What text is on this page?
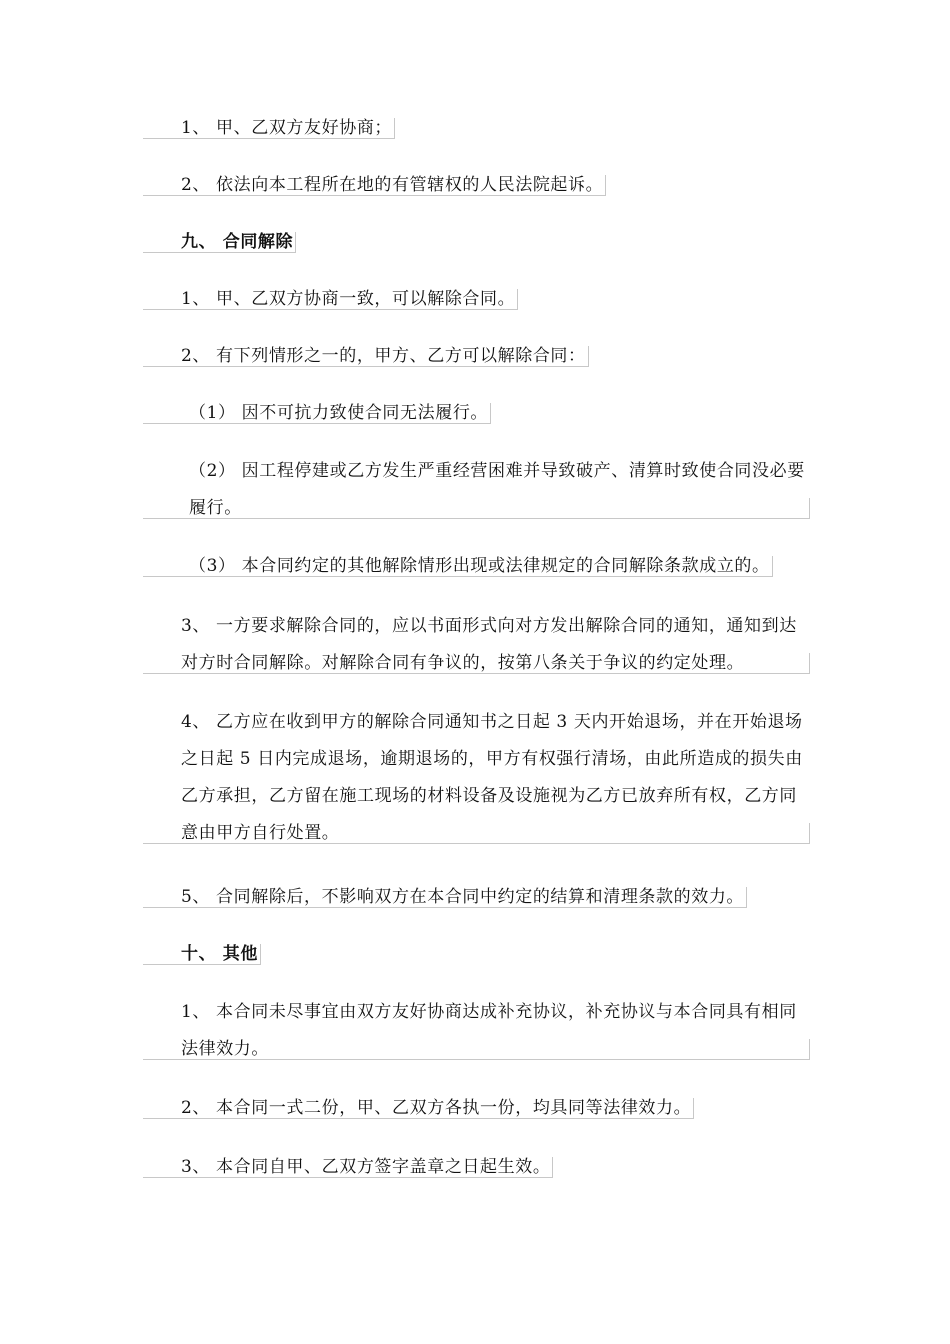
1、 甲、乙双方友好协商；

2、 依法向本工程所在地的有管辖权的人民法院起诉。

九、 合同解除

1、 甲、乙双方协商一致，可以解除合同。

2、 有下列情形之一的，甲方、乙方可以解除合同：

（1） 因不可抗力致使合同无法履行。

（2） 因工程停建或乙方发生严重经营困难并导致破产、清算时致使合同没必要履行。

（3） 本合同约定的其他解除情形出现或法律规定的合同解除条款成立的。

3、 一方要求解除合同的，应以书面形式向对方发出解除合同的通知，通知到达对方时合同解除。对解除合同有争议的，按第八条关于争议的约定处理。

4、 乙方应在收到甲方的解除合同通知书之日起 3 天内开始退场，并在开始退场之日起 5 日内完成退场，逾期退场的，甲方有权强行清场，由此所造成的损失由乙方承担，乙方留在施工现场的材料设备及设施视为乙方已放弃所有权，乙方同意由甲方自行处置。

5、 合同解除后，不影响双方在本合同中约定的结算和清理条款的效力。

十、 其他

1、 本合同未尽事宜由双方友好协商达成补充协议，补充协议与本合同具有相同法律效力。

2、 本合同一式二份，甲、乙双方各执一份，均具同等法律效力。

3、 本合同自甲、乙双方签字盖章之日起生效。
